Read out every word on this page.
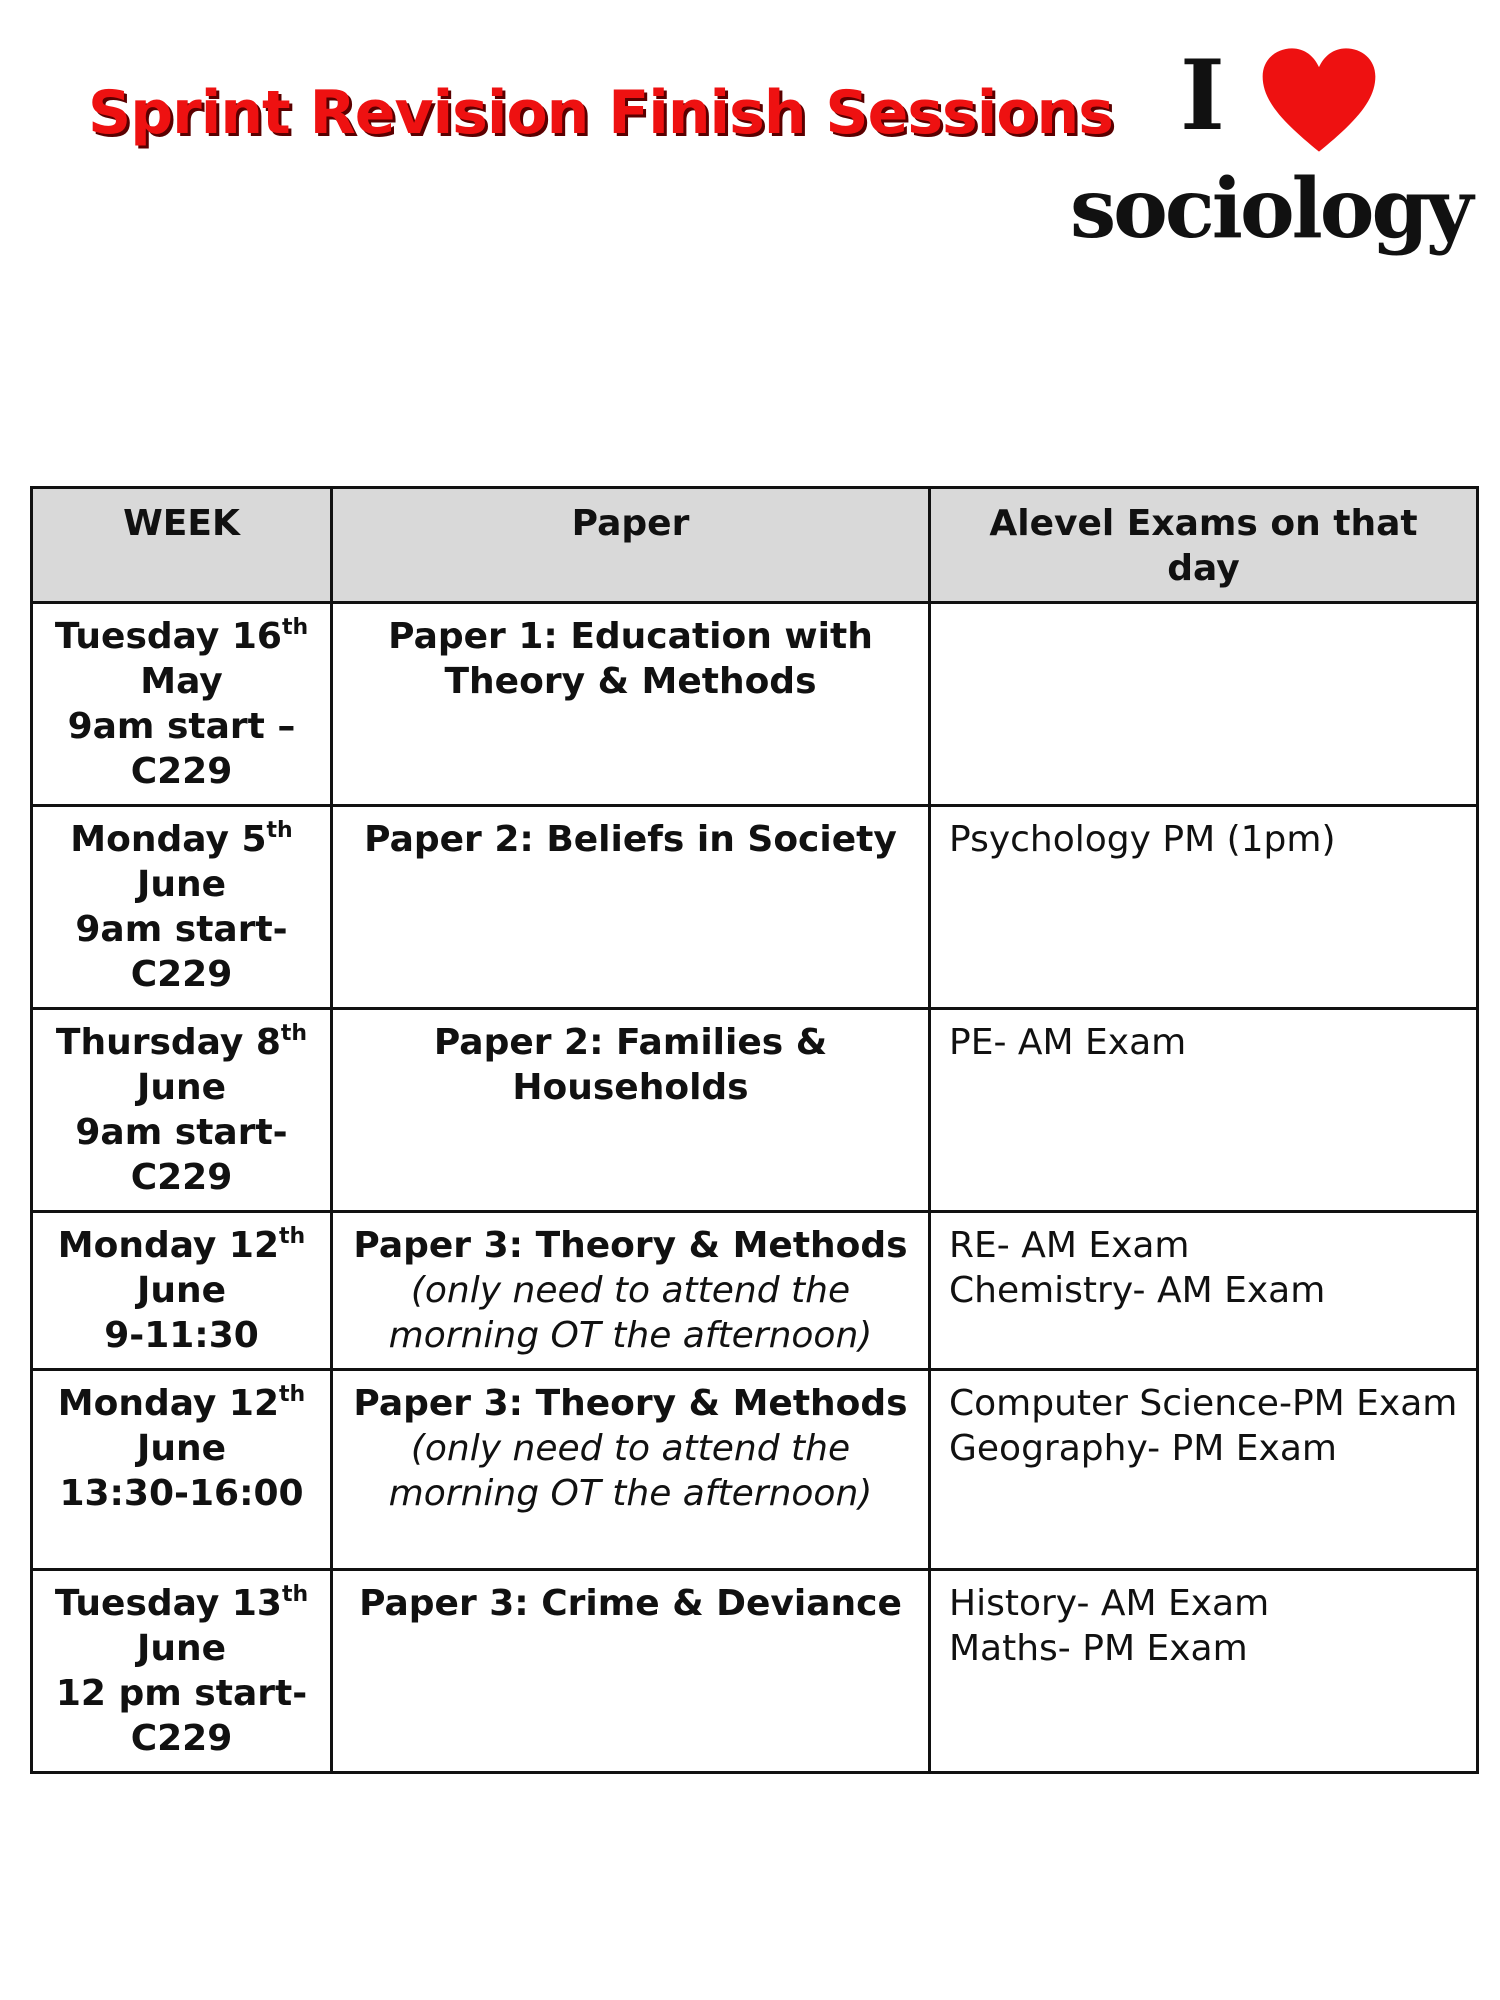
Sprint Revision Finish Sessions I
sociology
WEEK	Paper	Alevel Exams on that day

Tuesday 16th
May
9am start –
C229	Paper 1: Education with Theory & Methods	

Monday 5th
June
9am start-
C229	Paper 2: Beliefs in Society	Psychology PM (1pm)

Thursday 8th
June
9am start-
C229	Paper 2: Families & Households	PE- AM Exam

Monday 12th
June
9-11:30	Paper 3: Theory & Methods
(only need to attend the morning OT the afternoon)	RE- AM Exam
Chemistry- AM Exam

Monday 12th
June
13:30-16:00	Paper 3: Theory & Methods
(only need to attend the morning OT the afternoon)	Computer Science-PM Exam
Geography- PM Exam

Tuesday 13th
June
12 pm start-
C229	Paper 3: Crime & Deviance	History- AM Exam
Maths- PM Exam
